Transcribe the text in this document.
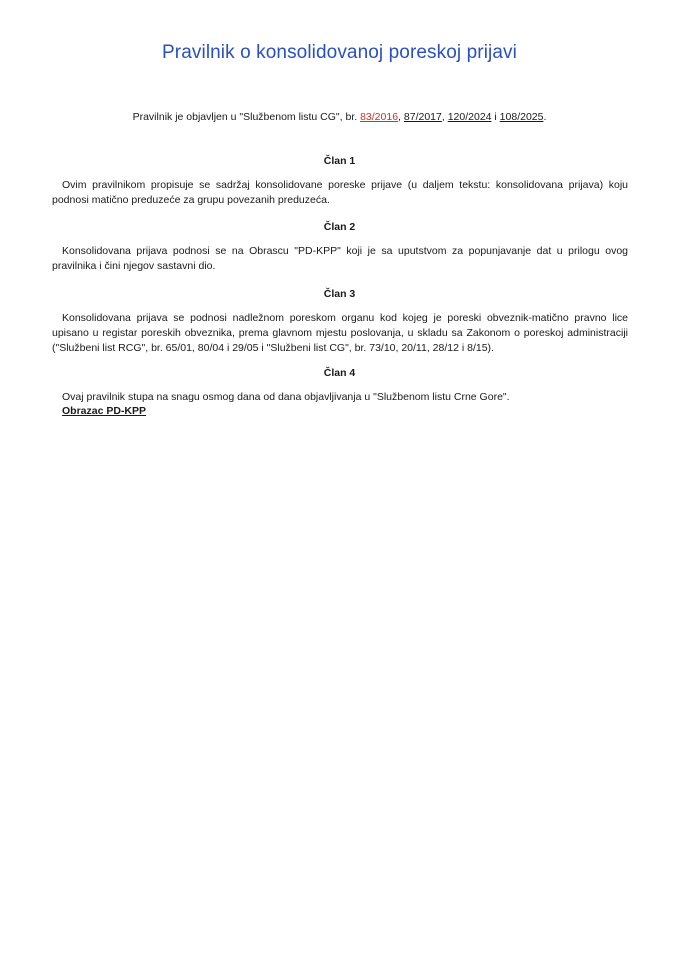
Pravilnik o konsolidovanoj poreskoj prijavi
Pravilnik je objavljen u "Službenom listu CG", br. 83/2016, 87/2017, 120/2024 i 108/2025.
Član 1
Ovim pravilnikom propisuje se sadržaj konsolidovane poreske prijave (u daljem tekstu: konsolidovana prijava) koju podnosi matično preduzeće za grupu povezanih preduzeća.
Član 2
Konsolidovana prijava podnosi se na Obrascu "PD-KPP" koji je sa uputstvom za popunjavanje dat u prilogu ovog pravilnika i čini njegov sastavni dio.
Član 3
Konsolidovana prijava se podnosi nadležnom poreskom organu kod kojeg je poreski obveznik-matično pravno lice upisano u registar poreskih obveznika, prema glavnom mjestu poslovanja, u skladu sa Zakonom o poreskoj administraciji ("Službeni list RCG", br. 65/01, 80/04 i 29/05 i "Službeni list CG", br. 73/10, 20/11, 28/12 i 8/15).
Član 4
Ovaj pravilnik stupa na snagu osmog dana od dana objavljivanja u "Službenom listu Crne Gore".
Obrazac PD-KPP
